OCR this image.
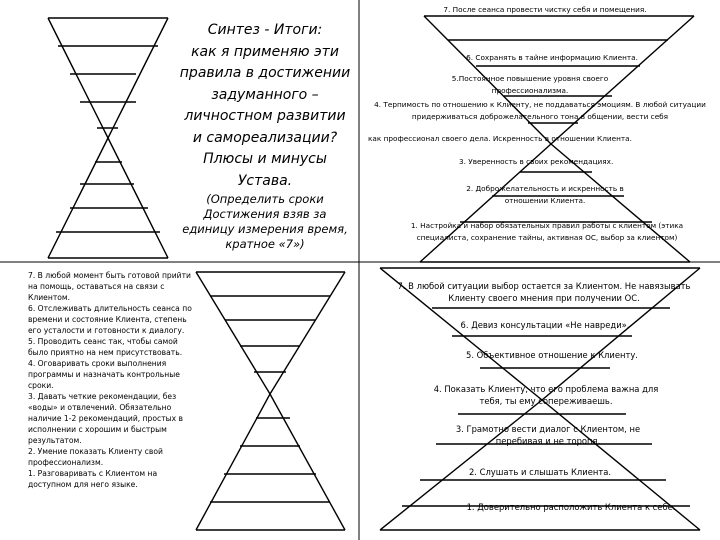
Синтез - Итоги:
как я применяю эти
правила в достижении
задуманного –
личностном развитии
и самореализации?
Плюсы и минусы
Устава.
(Определить сроки
Достижения взяв за
единицу измерения время,
кратное «7»)
7. После сеанса провести чистку себя и помещения.
6. Сохранять в тайне информацию Клиента.
5.Постоянное повышение уровня своего профессионализма.
4. Терпимость по отношению к Клиенту, не поддаваться эмоциям. В любой ситуации придерживаться доброжелательного тона в общении, вести себя
как профессионал своего дела. Искренность в отношении Клиента.
3. Уверенность в своих рекомендациях.
2. Доброжелательность и искренность в отношении Клиента.
1. Настройка и набор обязательных правил работы с клиентом (этика специалиста, сохранение тайны, активная ОС, выбор за клиентом)
7. В любой момент быть готовой прийти на помощь, оставаться на связи с Клиентом.
6. Отслеживать длительность сеанса по времени и состояние Клиента, степень его усталости и готовности к диалогу.
5. Проводить сеанс так, чтобы самой было приятно на нем присутствовать.
4. Оговаривать сроки выполнения программы и назначать контрольные сроки.
3. Давать четкие рекомендации, без «воды» и отвлечений. Обязательно наличие 1-2 рекомендаций, простых в исполнении с хорошим и быстрым результатом.
2. Умение показать Клиенту свой профессионализм.
1. Разговаривать с Клиентом на доступном для него языке.
7. В любой ситуации выбор остается за Клиентом. Не навязывать Клиенту своего мнения при получении ОС.
6. Девиз консультации «Не навреди».
5. Объективное отношение к Клиенту.
4. Показать Клиенту, что его проблема важна для тебя, ты ему сопереживаешь.
3. Грамотно вести диалог с Клиентом, не перебивая и не торопя.
2. Слушать и слышать Клиента.
1. Доверительно расположить Клиента к себе.
